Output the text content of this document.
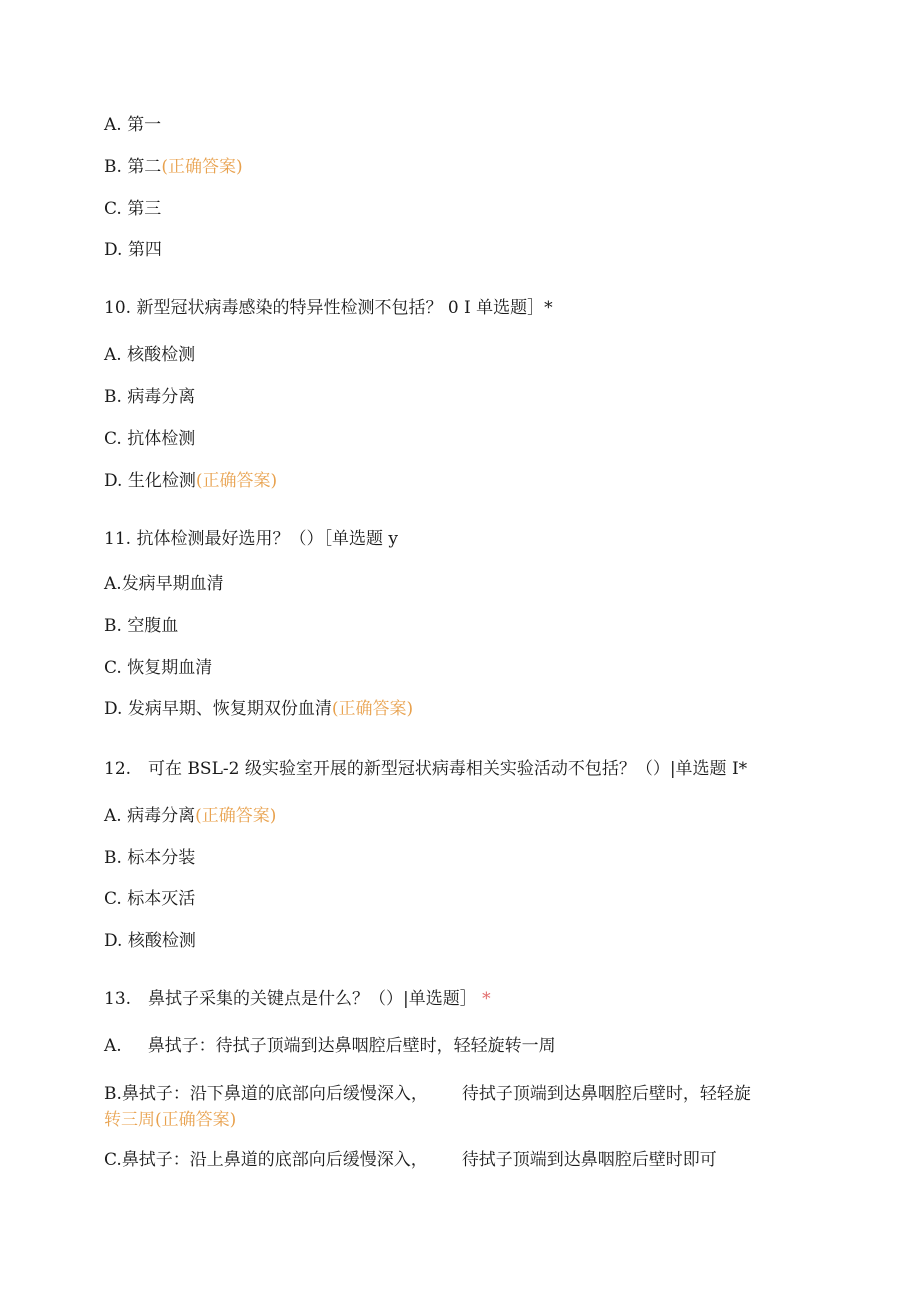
A. 第一
B. 第二(正确答案)
C. 第三
D. 第四
10. 新型冠状病毒感染的特异性检测不包括？ 0 I 单选题］*
A. 核酸检测
B. 病毒分离
C. 抗体检测
D. 生化检测(正确答案)
11. 抗体检测最好选用？（）［单选题 y
A.发病早期血清
B. 空腹血
C. 恢复期血清
D. 发病早期、恢复期双份血清(正确答案)
12.　可在 BSL-2 级实验室开展的新型冠状病毒相关实验活动不包括？（）|单选题 I*
A. 病毒分离(正确答案)
B. 标本分装
C. 标本灭活
D. 核酸检测
13.　鼻拭子采集的关键点是什么？（）|单选题］ *
A. 鼻拭子：待拭子顶端到达鼻咽腔后壁时，轻轻旋转一周
B.鼻拭子：沿下鼻道的底部向后缓慢深入， 待拭子顶端到达鼻咽腔后壁时，轻轻旋
转三周(正确答案)
C.鼻拭子：沿上鼻道的底部向后缓慢深入， 待拭子顶端到达鼻咽腔后壁时即可
